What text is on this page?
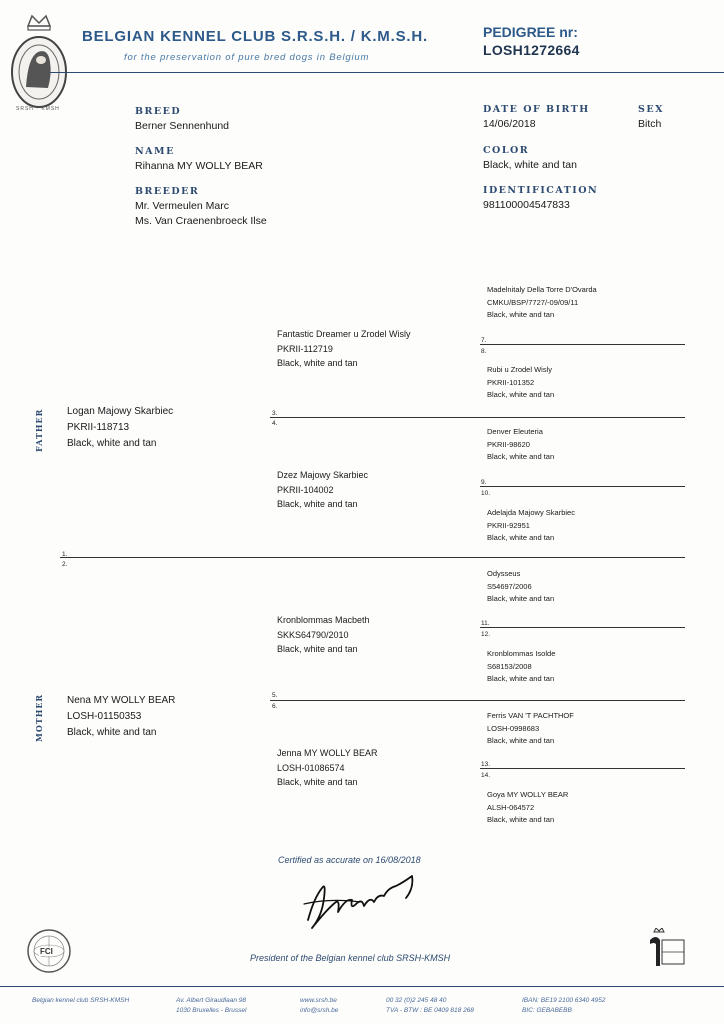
SRSH · KMSH
BELGIAN KENNEL CLUB S.R.S.H. / K.M.S.H.
for the preservation of pure bred dogs in Belgium
PEDIGREE nr:
LOSH1272664
BREED
Berner Sennenhund
NAME
Rihanna MY WOLLY BEAR
BREEDER
Mr. Vermeulen Marc
Ms. Van Craenenbroeck Ilse
DATE OF BIRTH
14/06/2018
SEX
Bitch
COLOR
Black, white and tan
IDENTIFICATION
981100004547833
FATHER
MOTHER
Logan Majowy Skarbiec
PKRII-118713
Black, white and tan
Nena MY WOLLY BEAR
LOSH-01150353
Black, white and tan
Fantastic Dreamer u Zrodel Wisly
PKRII-112719
Black, white and tan
Dzez Majowy Skarbiec
PKRII-104002
Black, white and tan
Kronblommas Macbeth
SKKS64790/2010
Black, white and tan
Jenna MY WOLLY BEAR
LOSH-01086574
Black, white and tan
Madelnitaly Della Torre D'Ovarda
CMKU/BSP/7727/-09/09/11
Black, white and tan
Rubi u Zrodel Wisly
PKRII-101352
Black, white and tan
Denver Eleuteria
PKRII-98620
Black, white and tan
Adelajda Majowy Skarbiec
PKRII-92951
Black, white and tan
Odysseus
S54697/2006
Black, white and tan
Kronblommas Isolde
S68153/2008
Black, white and tan
Ferris VAN 'T PACHTHOF
LOSH-0998683
Black, white and tan
Goya MY WOLLY BEAR
ALSH-064572
Black, white and tan
1.
2.
3.
4.
5.
6.
7.
8.
9.
10.
11.
12.
13.
14.
Certified as accurate on 16/08/2018
President of the Belgian kennel club SRSH-KMSH
FCI
Belgian kennel club SRSH-KMSH	Av. Albert Giraudlaan 98
1030 Bruxelles - Brussel
www.srsh.be
info@srsh.be
00 32 (0)2 245 48 40
TVA - BTW : BE 0409 818 268
IBAN: BE19 2100 6340 4952
BIC: GEBABEBB
